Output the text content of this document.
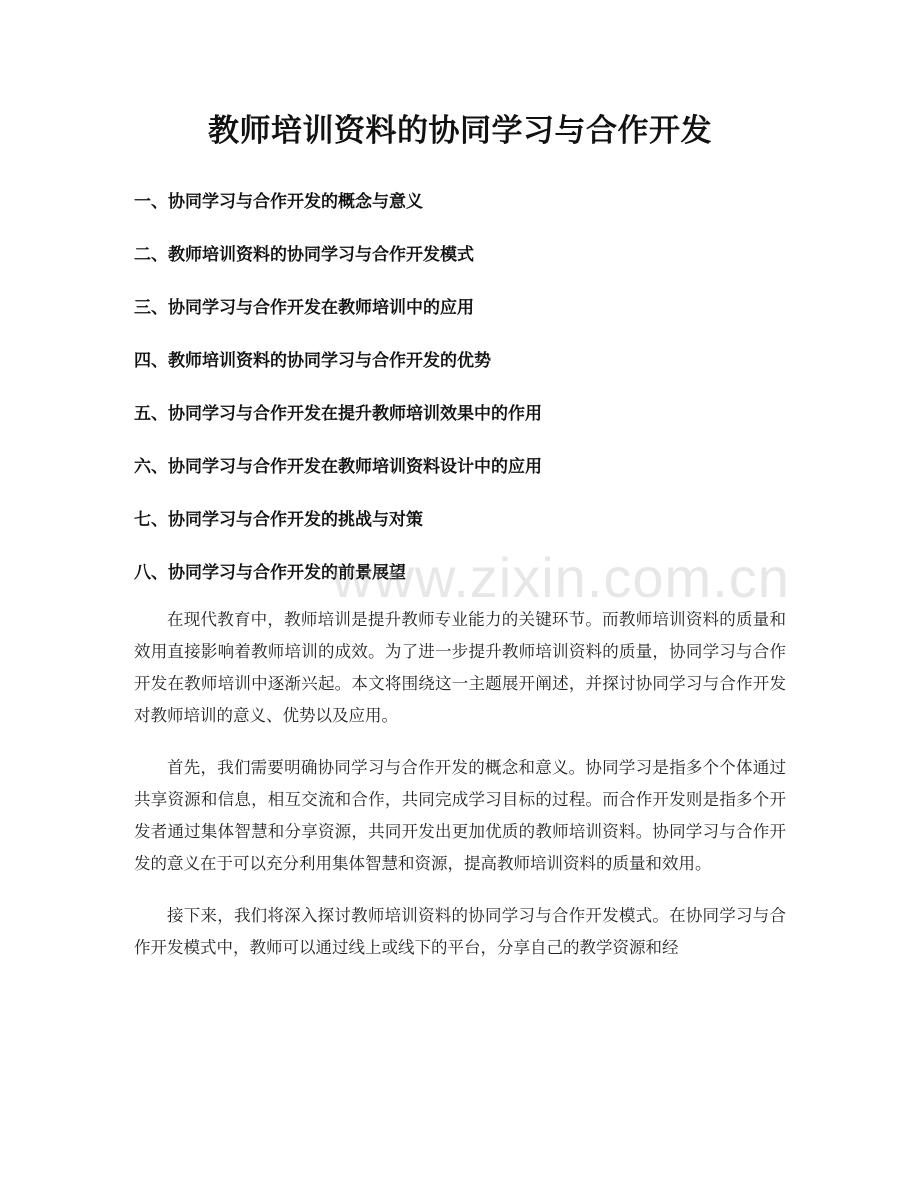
教师培训资料的协同学习与合作开发
一、协同学习与合作开发的概念与意义
二、教师培训资料的协同学习与合作开发模式
三、协同学习与合作开发在教师培训中的应用
四、教师培训资料的协同学习与合作开发的优势
五、协同学习与合作开发在提升教师培训效果中的作用
六、协同学习与合作开发在教师培训资料设计中的应用
七、协同学习与合作开发的挑战与对策
八、协同学习与合作开发的前景展望

在现代教育中，教师培训是提升教师专业能力的关键环节。而教师培训资料的质量和效用直接影响着教师培训的成效。为了进一步提升教师培训资料的质量，协同学习与合作开发在教师培训中逐渐兴起。本文将围绕这一主题展开阐述，并探讨协同学习与合作开发对教师培训的意义、优势以及应用。

首先，我们需要明确协同学习与合作开发的概念和意义。协同学习是指多个个体通过共享资源和信息，相互交流和合作，共同完成学习目标的过程。而合作开发则是指多个开发者通过集体智慧和分享资源，共同开发出更加优质的教师培训资料。协同学习与合作开发的意义在于可以充分利用集体智慧和资源，提高教师培训资料的质量和效用。

接下来，我们将深入探讨教师培训资料的协同学习与合作开发模式。在协同学习与合作开发模式中，教师可以通过线上或线下的平台，分享自己的教学资源和经

www.zixin.com.cn
